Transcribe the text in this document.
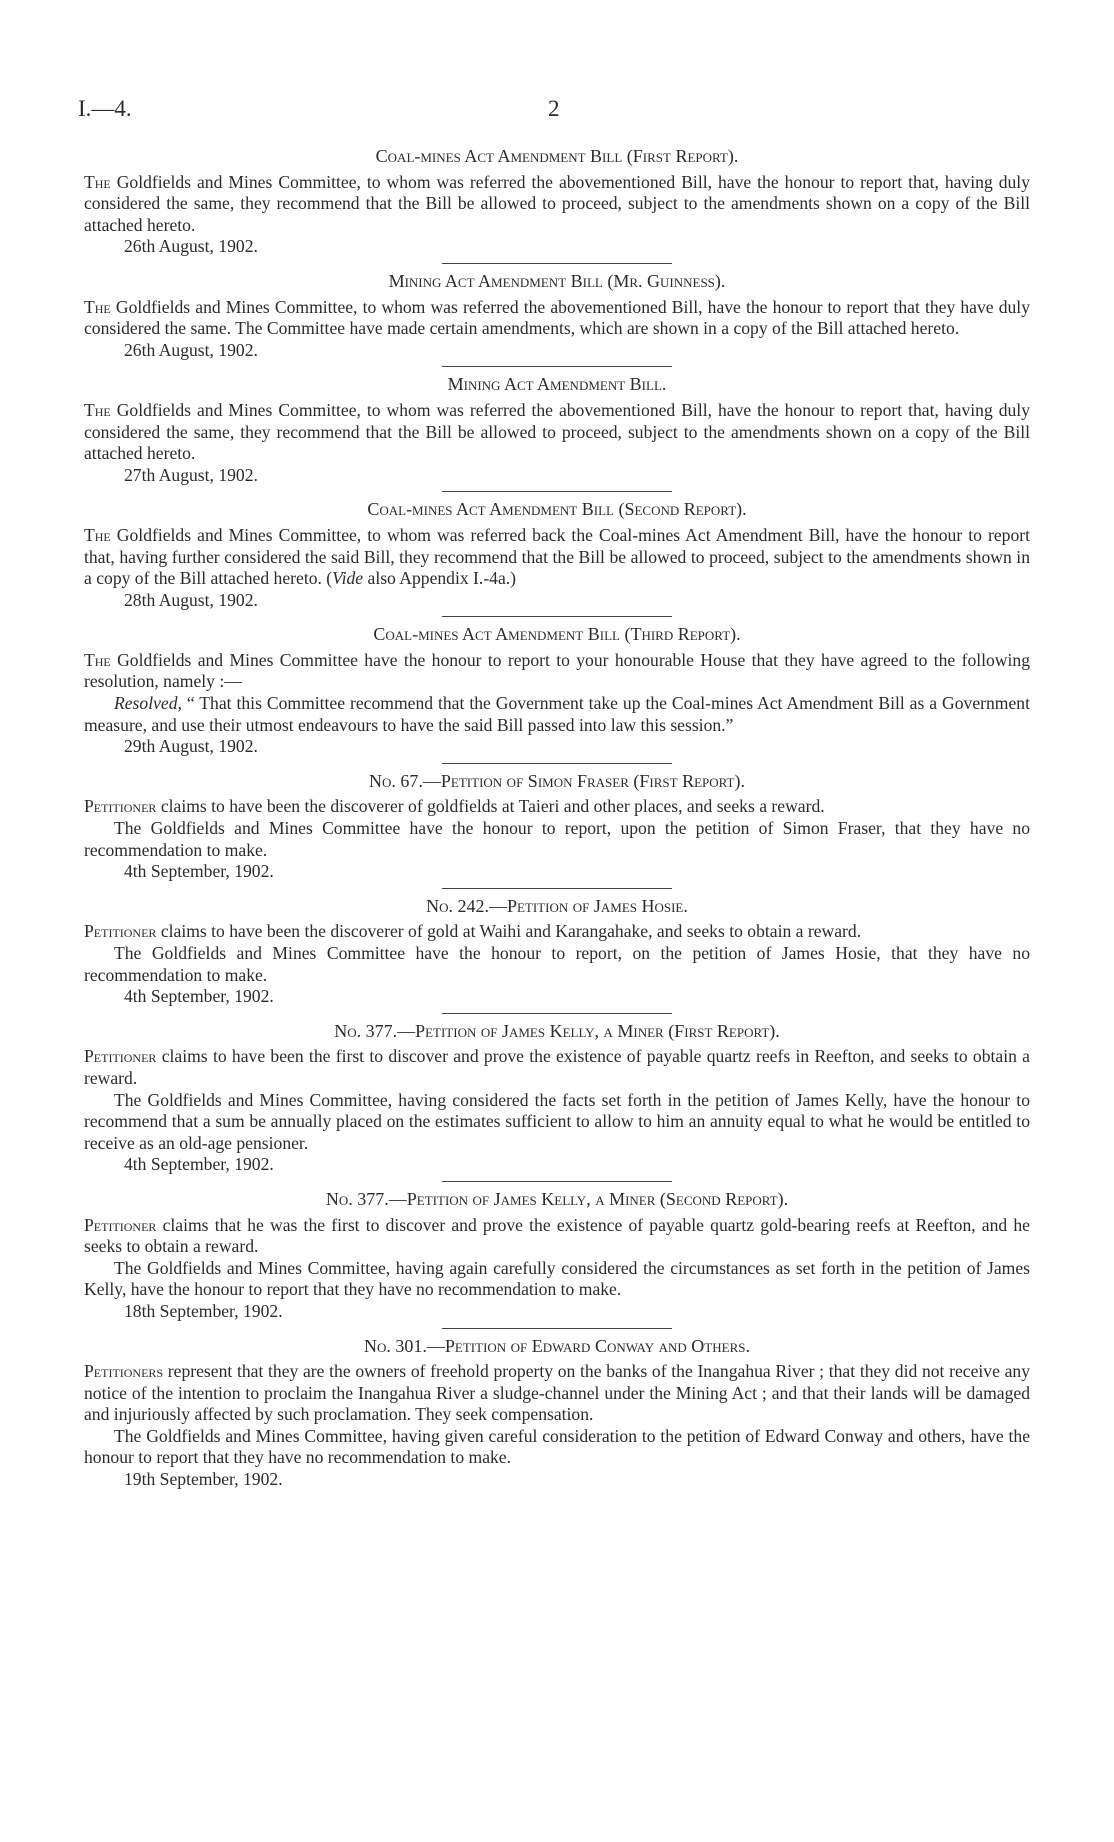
I.—4.	2

Coal-mines Act Amendment Bill (First Report).

The Goldfields and Mines Committee, to whom was referred the abovementioned Bill, have the honour to report that, having duly considered the same, they recommend that the Bill be allowed to proceed, subject to the amendments shown on a copy of the Bill attached hereto.

26th August, 1902.

Mining Act Amendment Bill (Mr. Guinness).

The Goldfields and Mines Committee, to whom was referred the abovementioned Bill, have the honour to report that they have duly considered the same. The Committee have made certain amendments, which are shown in a copy of the Bill attached hereto.

26th August, 1902.

Mining Act Amendment Bill.

The Goldfields and Mines Committee, to whom was referred the abovementioned Bill, have the honour to report that, having duly considered the same, they recommend that the Bill be allowed to proceed, subject to the amendments shown on a copy of the Bill attached hereto.

27th August, 1902.

Coal-mines Act Amendment Bill (Second Report).

The Goldfields and Mines Committee, to whom was referred back the Coal-mines Act Amendment Bill, have the honour to report that, having further considered the said Bill, they recommend that the Bill be allowed to proceed, subject to the amendments shown in a copy of the Bill attached hereto. (Vide also Appendix I.-4a.)

28th August, 1902.

Coal-mines Act Amendment Bill (Third Report).

The Goldfields and Mines Committee have the honour to report to your honourable House that they have agreed to the following resolution, namely :—

Resolved, “ That this Committee recommend that the Government take up the Coal-mines Act Amendment Bill as a Government measure, and use their utmost endeavours to have the said Bill passed into law this session.”

29th August, 1902.

No. 67.—Petition of Simon Fraser (First Report).

Petitioner claims to have been the discoverer of goldfields at Taieri and other places, and seeks a reward.

The Goldfields and Mines Committee have the honour to report, upon the petition of Simon Fraser, that they have no recommendation to make.

4th September, 1902.

No. 242.—Petition of James Hosie.

Petitioner claims to have been the discoverer of gold at Waihi and Karangahake, and seeks to obtain a reward.

The Goldfields and Mines Committee have the honour to report, on the petition of James Hosie, that they have no recommendation to make.

4th September, 1902.

No. 377.—Petition of James Kelly, a Miner (First Report).

Petitioner claims to have been the first to discover and prove the existence of payable quartz reefs in Reefton, and seeks to obtain a reward.

The Goldfields and Mines Committee, having considered the facts set forth in the petition of James Kelly, have the honour to recommend that a sum be annually placed on the estimates sufficient to allow to him an annuity equal to what he would be entitled to receive as an old-age pensioner.

4th September, 1902.

No. 377.—Petition of James Kelly, a Miner (Second Report).

Petitioner claims that he was the first to discover and prove the existence of payable quartz gold-bearing reefs at Reefton, and he seeks to obtain a reward.

The Goldfields and Mines Committee, having again carefully considered the circumstances as set forth in the petition of James Kelly, have the honour to report that they have no recommendation to make.

18th September, 1902.

No. 301.—Petition of Edward Conway and Others.

Petitioners represent that they are the owners of freehold property on the banks of the Inangahua River ; that they did not receive any notice of the intention to proclaim the Inangahua River a sludge-channel under the Mining Act ; and that their lands will be damaged and injuriously affected by such proclamation. They seek compensation.

The Goldfields and Mines Committee, having given careful consideration to the petition of Edward Conway and others, have the honour to report that they have no recommendation to make.

19th September, 1902.
